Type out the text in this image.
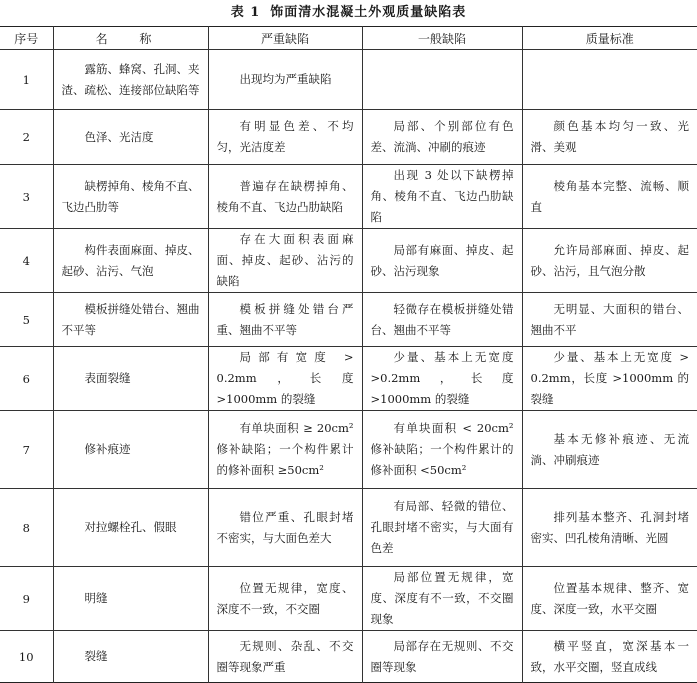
表 1 饰面清水混凝土外观质量缺陷表
序号	名 称	严重缺陷	一般缺陷	质量标准
1	露筋、蜂窝、孔洞、夹渣、疏松、连接部位缺陷等	出现均为严重缺陷		

2	色泽、光洁度	有明显色差、不均匀，光洁度差	局部、个别部位有色差、流淌、冲刷的痕迹	颜色基本均匀一致、光滑、美观

3	缺楞掉角、棱角不直、飞边凸肋等	普遍存在缺楞掉角、棱角不直、飞边凸肋缺陷	出现 3 处以下缺楞掉角、棱角不直、飞边凸肋缺陷	棱角基本完整、流畅、顺直

4	构件表面麻面、掉皮、起砂、沾污、气泡	存在大面积表面麻面、掉皮、起砂、沾污的缺陷	局部有麻面、掉皮、起砂、沾污现象	允许局部麻面、掉皮、起砂、沾污，且气泡分散

5	模板拼缝处错台、翘曲不平等	模板拼缝处错台严重、翘曲不平等	轻微存在模板拼缝处错台、翘曲不平等	无明显、大面积的错台、翘曲不平

6	表面裂缝	局部有宽度 > 0.2mm，长度 >1000mm 的裂缝	少量、基本上无宽度 >0.2mm，长度 >1000mm 的裂缝	少量、基本上无宽度 > 0.2mm，长度 >1000mm 的裂缝

7	修补痕迹	有单块面积 ≥ 20cm² 修补缺陷；一个构件累计的修补面积 ≥50cm²	有单块面积 < 20cm² 修补缺陷；一个构件累计的修补面积 <50cm²	基本无修补痕迹、无流淌、冲刷痕迹

8	对拉螺栓孔、假眼	错位严重、孔眼封堵不密实，与大面色差大	有局部、轻微的错位、孔眼封堵不密实，与大面有色差	排列基本整齐、孔洞封堵密实、凹孔棱角清晰、光圆

9	明缝	位置无规律，宽度、深度不一致，不交圈	局部位置无规律，宽度、深度有不一致，不交圈现象	位置基本规律、整齐、宽度、深度一致，水平交圈

10	裂缝	无规则、杂乱、不交圈等现象严重	局部存在无规则、不交圈等现象	横平竖直，宽深基本一致，水平交圈，竖直成线
